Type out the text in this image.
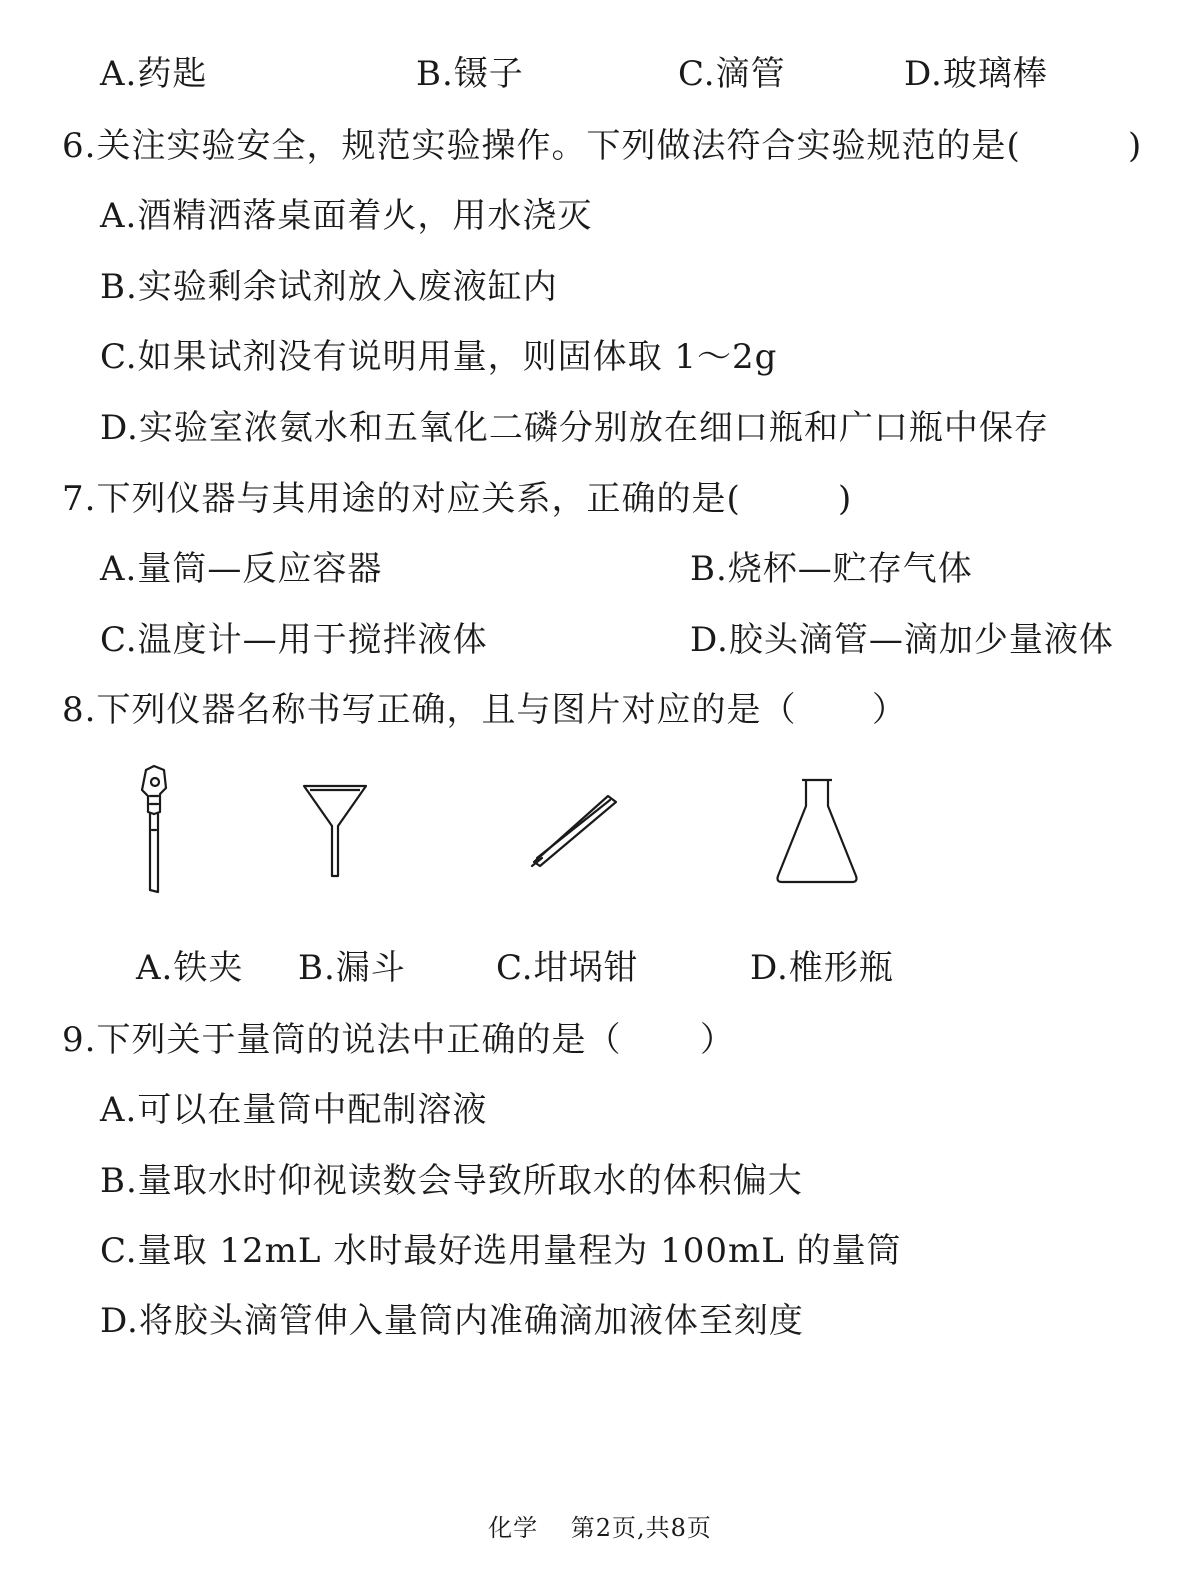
A.药匙	B.镊子	C.滴管	D.玻璃棒
6.关注实验安全，规范实验操作。下列做法符合实验规范的是(	)
A.酒精洒落桌面着火，用水浇灭
B.实验剩余试剂放入废液缸内
C.如果试剂没有说明用量，则固体取 1～2g
D.实验室浓氨水和五氧化二磷分别放在细口瓶和广口瓶中保存
7.下列仪器与其用途的对应关系，正确的是(	)
A.量筒—反应容器	B.烧杯—贮存气体
C.温度计—用于搅拌液体	D.胶头滴管—滴加少量液体
8.下列仪器名称书写正确，且与图片对应的是（ ）
A.铁夹 B.漏斗	C.坩埚钳	D.椎形瓶
9.下列关于量筒的说法中正确的是（ ）
A.可以在量筒中配制溶液
B.量取水时仰视读数会导致所取水的体积偏大
C.量取 12mL 水时最好选用量程为 100mL 的量筒
D.将胶头滴管伸入量筒内准确滴加液体至刻度
化学 第2页,共8页
